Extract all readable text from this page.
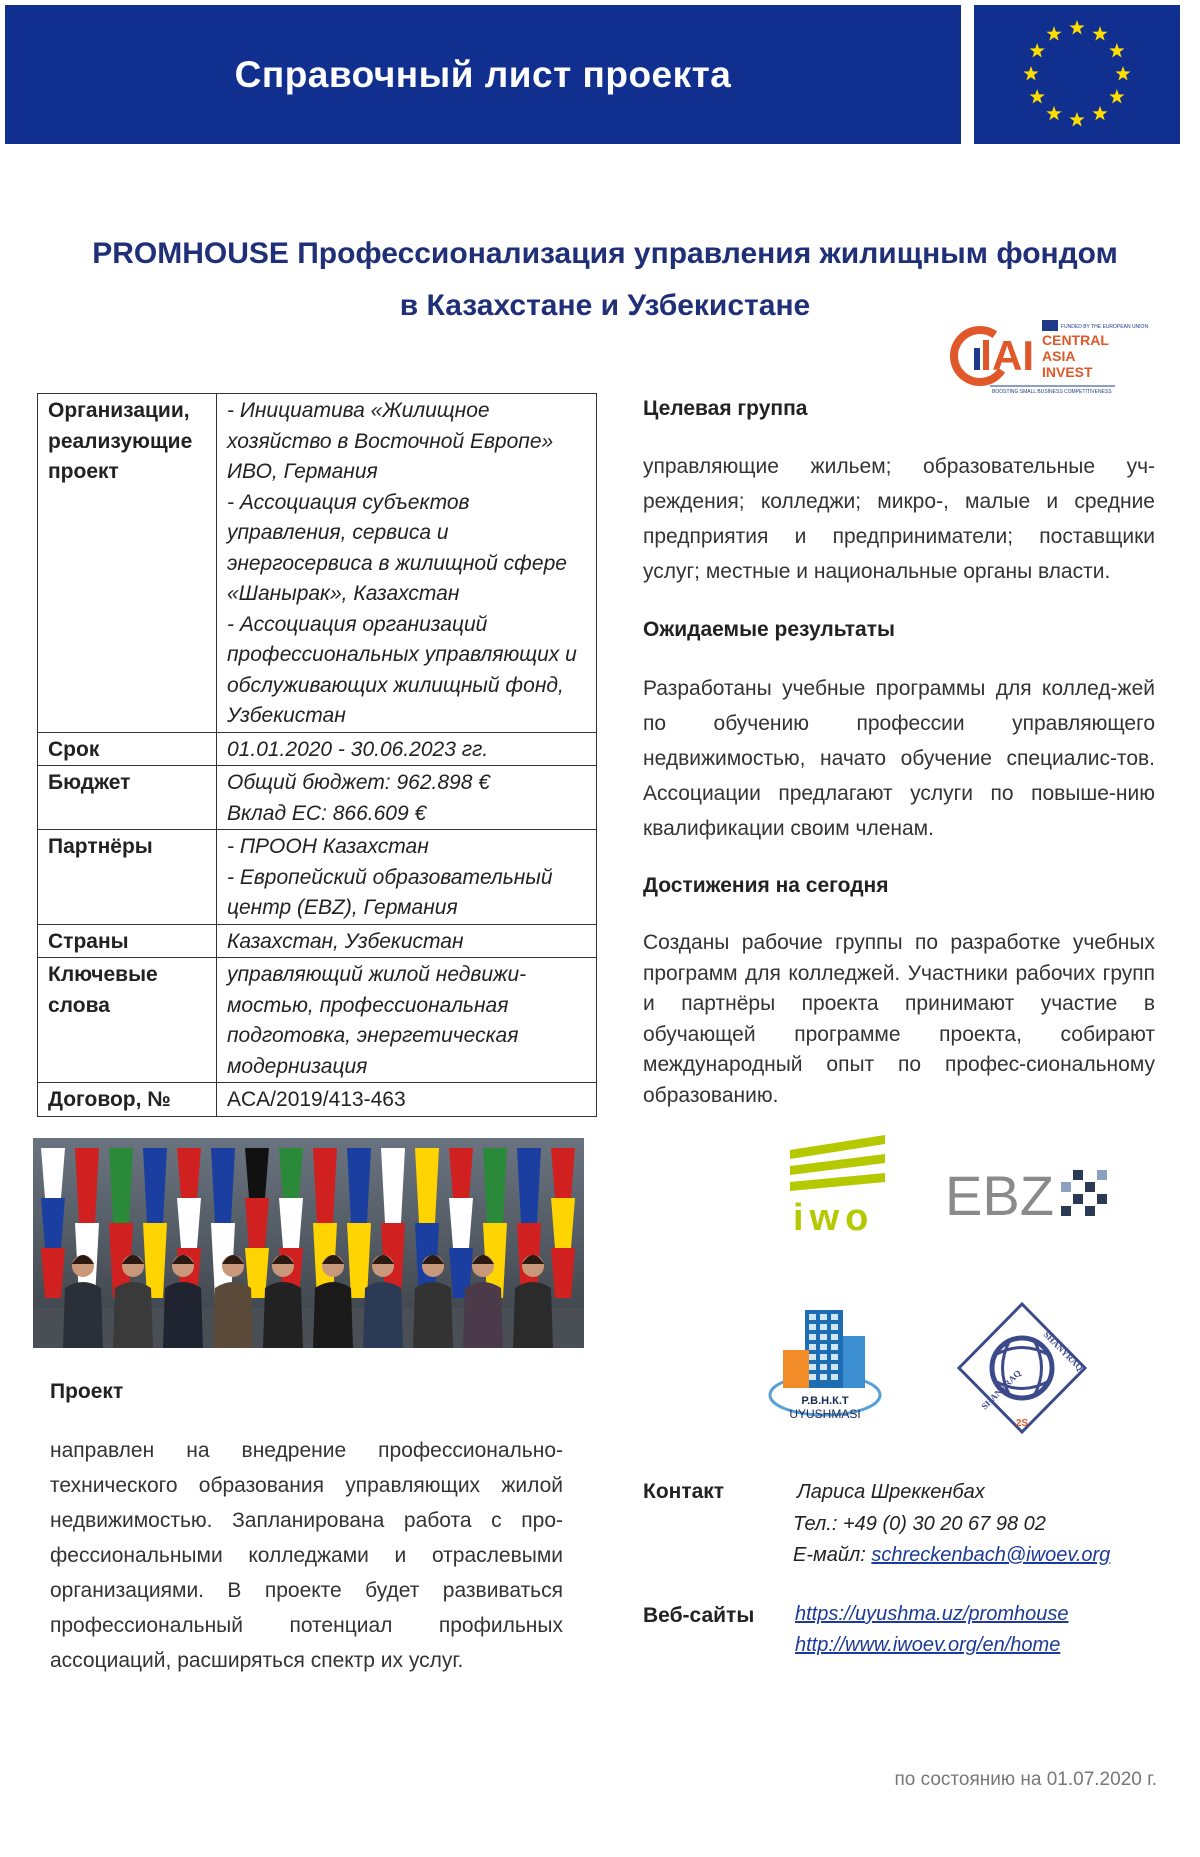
Справочный лист проекта
PROMHOUSE Профессионализация управления жилищным фондом
в Казахстане и Узбекистане
AI
FUNDED BY THE EUROPEAN UNION
CENTRAL
ASIA
INVEST
BOOSTING SMALL BUSINESS COMPETITIVENESS
Организации, реализующие проект	- Инициатива «Жилищное хозяйство в Восточной Европе» ИВО, Германия
- Ассоциация субъектов управления, сервиса и энергосервиса в жилищной сфере «Шанырак», Казахстан
- Ассоциация организаций профессиональных управляющих и обслуживающих жилищный фонд, Узбекистан
Срок	01.01.2020 - 30.06.2023 гг.
Бюджет	Общий бюджет: 962.898 €
Вклад ЕС: 866.609 €
Партнёры	- ПРООН Казахстан
- Европейский образовательный центр (EBZ), Германия
Страны	Казахстан, Узбекистан
Ключевые слова	управляющий жилой недвижи-мостью, профессиональная подготовка, энергетическая модернизация
Договор, №	ACA/2019/413-463
Целевая группа
управляющие жильем; образовательные уч-реждения; колледжи; микро-, малые и средние предприятия и предприниматели; поставщики услуг; местные и национальные органы власти.
Ожидаемые результаты
Разработаны учебные программы для коллед-жей по обучению профессии управляющего недвижимостью, начато обучение специалис-тов. Ассоциации предлагают услуги по повыше-нию квалификации своим членам.
Достижения на сегодня
Созданы рабочие группы по разработке учебных программ для колледжей. Участники рабочих групп и партнёры проекта принимают участие в обучающей программе проекта, собирают международный опыт по профес-сиональному образованию.
iwo EBZ
Р.В.Н.К.Т
UYUSHMASI
2S
SHANYRAQ
SHANYRAQ
Проект
направлен на внедрение профессионально-технического образования управляющих жилой недвижимостью. Запланирована работа с про-фессиональными колледжами и отраслевыми организациями. В проекте будет развиваться профессиональный потенциал профильных ассоциаций, расширяться спектр их услуг.
Контакт	Лариса Шреккенбах
Тел.: +49 (0) 30 20 67 98 02
E-майл: schreckenbach@iwoev.org
Веб-сайты https://uyushma.uz/promhouse
http://www.iwoev.org/en/home
по состоянию на 01.07.2020 г.
